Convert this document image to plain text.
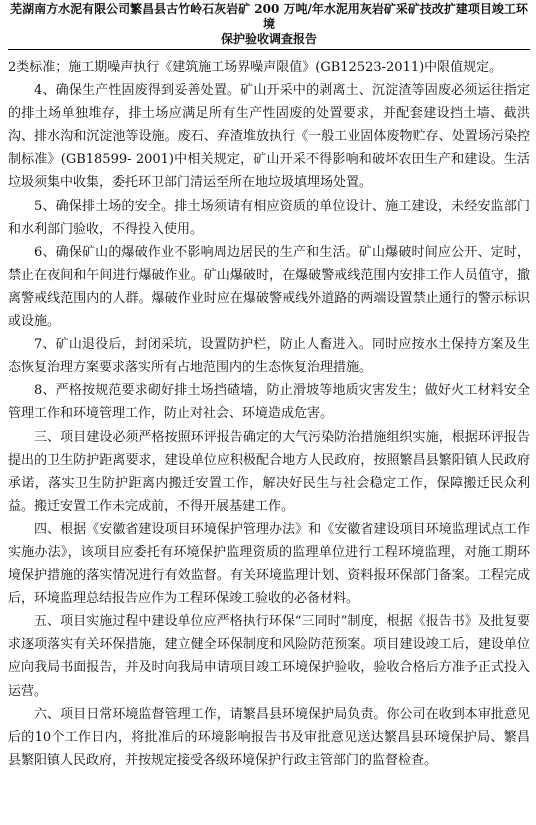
芜湖南方水泥有限公司繁昌县古竹岭石灰岩矿 200 万吨/年水泥用灰岩矿采矿技改扩建项目竣工环境
保护验收调查报告

2类标准；施工期噪声执行《建筑施工场界噪声限值》(GB12523-2011)中限值规定。

4、确保生产性固废得到妥善处置。矿山开采中的剥离土、沉淀渣等固废必须运往指定的排土场单独堆存，排土场应满足所有生产性固废的处置要求，并配套建设挡土墙、截洪沟、排水沟和沉淀池等设施。废石、弃渣堆放执行《一般工业固体废物贮存、处置场污染控制标准》(GB18599- 2001)中相关规定，矿山开采不得影响和破坏农田生产和建设。生活垃圾须集中收集，委托环卫部门清运至所在地垃圾填埋场处置。

5、确保排土场的安全。排土场须请有相应资质的单位设计、施工建设，未经安监部门和水利部门验收，不得投入使用。

6、确保矿山的爆破作业不影响周边居民的生产和生活。矿山爆破时间应公开、定时，禁止在夜间和午间进行爆破作业。矿山爆破时，在爆破警戒线范围内安排工作人员值守，撤离警戒线范围内的人群。爆破作业时应在爆破警戒线外道路的两端设置禁止通行的警示标识或设施。

7、矿山退役后，封闭采坑，设置防护栏，防止人畜进入。同时应按水土保持方案及生态恢复治理方案要求落实所有占地范围内的生态恢复治理措施。

8、严格按规范要求砌好排土场挡碴墙，防止滑坡等地质灾害发生；做好火工材料安全管理工作和环境管理工作，防止对社会、环境造成危害。

三、项目建设必须严格按照环评报告确定的大气污染防治措施组织实施，根据环评报告提出的卫生防护距离要求，建设单位应积极配合地方人民政府，按照繁昌县繁阳镇人民政府承诺，落实卫生防护距离内搬迁安置工作，解决好民生与社会稳定工作，保障搬迁民众利益。搬迁安置工作未完成前，不得开展基建工作。

四、根据《安徽省建设项目环境保护管理办法》和《安徽省建设项目环境监理试点工作实施办法》，该项目应委托有环境保护监理资质的监理单位进行工程环境监理，对施工期环境保护措施的落实情况进行有效监督。有关环境监理计划、资料报环保部门备案。工程完成后，环境监理总结报告应作为工程环保竣工验收的必备材料。

五、项目实施过程中建设单位应严格执行环保“三同时”制度，根据《报告书》及批复要求逐项落实有关环保措施，建立健全环保制度和风险防范预案。项目建设竣工后，建设单位应向我局书面报告，并及时向我局申请项目竣工环境保护验收，验收合格后方准予正式投入运营。

六、项目日常环境监督管理工作，请繁昌县环境保护局负责。你公司在收到本审批意见后的10个工作日内，将批准后的环境影响报告书及审批意见送达繁昌县环境保护局、繁昌县繁阳镇人民政府，并按规定接受各级环境保护行政主管部门的监督检查。
